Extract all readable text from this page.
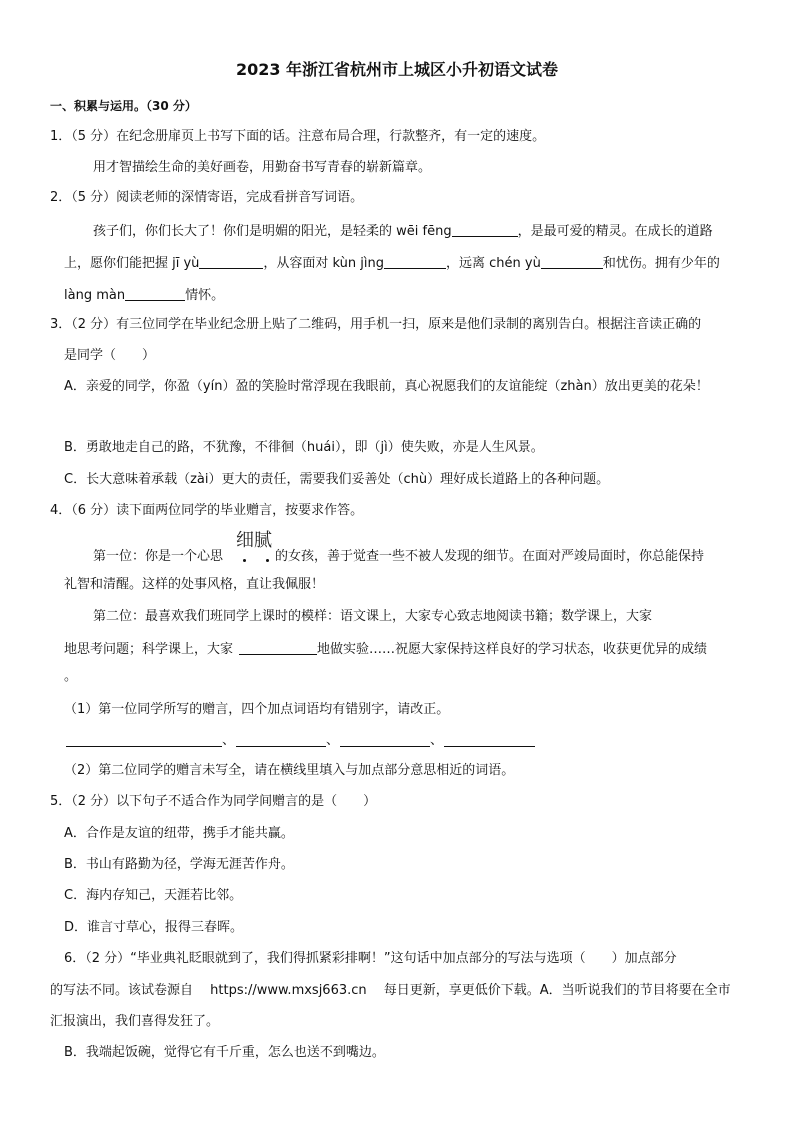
2023 年浙江省杭州市上城区小升初语文试卷
一、积累与运用。（30 分）
1．（5 分）在纪念册扉页上书写下面的话。注意布局合理，行款整齐，有一定的速度。
用才智描绘生命的美好画卷，用勤奋书写青春的崭新篇章。
2．（5 分）阅读老师的深情寄语，完成看拼音写词语。
孩子们，你们长大了！你们是明媚的阳光，是轻柔的 wēi fēng	，是最可爱的精灵。在成长的道路
上，愿你们能把握 jī yù	，从容面对 kùn jìng	，远离 chén yù	和忧伤。拥有少年的
làng màn	情怀。
3．（2 分）有三位同学在毕业纪念册上贴了二维码，用手机一扫，原来是他们录制的离别告白。根据注音读正确的
是同学（　　）
A．亲爱的同学，你盈（yín）盈的笑脸时常浮现在我眼前，真心祝愿我们的友谊能绽（zhàn）放出更美的花朵！
B．勇敢地走自己的路，不犹豫，不徘徊（huái），即（jì）使失败，亦是人生风景。
C．长大意味着承载（zài）更大的责任，需要我们妥善处（chù）理好成长道路上的各种问题。
4．（6 分）读下面两位同学的毕业赠言，按要求作答。
细腻
第一位：你是一个心思	的女孩，善于觉查一些不被人发现的细节。在面对严竣局面时，你总能保持
礼智和清醒。这样的处事风格，直让我佩服！
第二位：最喜欢我们班同学上课时的模样：语文课上，大家专心致志地阅读书籍；数学课上，大家
地思考问题；科学课上，大家	地做实验……祝愿大家保持这样良好的学习状态，收获更优异的成绩
。
（1）第一位同学所写的赠言，四个加点词语均有错别字，请改正。
、	、	、
（2）第二位同学的赠言未写全，请在横线里填入与加点部分意思相近的词语。
5．（2 分）以下句子不适合作为同学间赠言的是（　　）
A．合作是友谊的纽带，携手才能共赢。
B．书山有路勤为径，学海无涯苦作舟。
C．海内存知己，天涯若比邻。
D．谁言寸草心，报得三春晖。
6．（2 分）“毕业典礼眨眼就到了，我们得抓紧彩排啊！”这句话中加点部分的写法与选项（　　）加点部分
的写法不同。该试卷源自　 https://www.mxsj663.cn　 每日更新，享更低价下载。A．当听说我们的节目将要在全市
汇报演出，我们喜得发狂了。
B．我端起饭碗，觉得它有千斤重，怎么也送不到嘴边。
